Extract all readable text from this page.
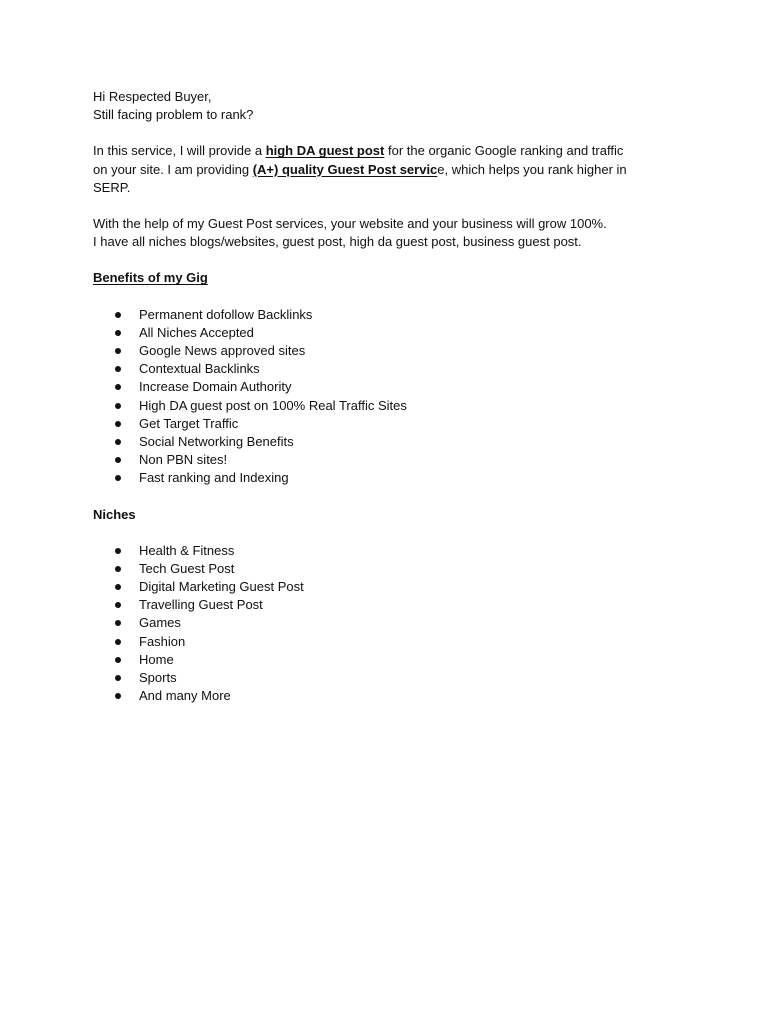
Hi Respected Buyer,
Still facing problem to rank?
In this service, I will provide a high DA guest post for the organic Google ranking and traffic
on your site. I am providing (A+) quality Guest Post service, which helps you rank higher in
SERP.
With the help of my Guest Post services, your website and your business will grow 100%.
I have all niches blogs/websites, guest post, high da guest post, business guest post.
Benefits of my Gig
Permanent dofollow Backlinks
All Niches Accepted
Google News approved sites
Contextual Backlinks
Increase Domain Authority
High DA guest post on 100% Real Traffic Sites
Get Target Traffic
Social Networking Benefits
Non PBN sites!
Fast ranking and Indexing
Niches
Health & Fitness
Tech Guest Post
Digital Marketing Guest Post
Travelling Guest Post
Games
Fashion
Home
Sports
And many More
